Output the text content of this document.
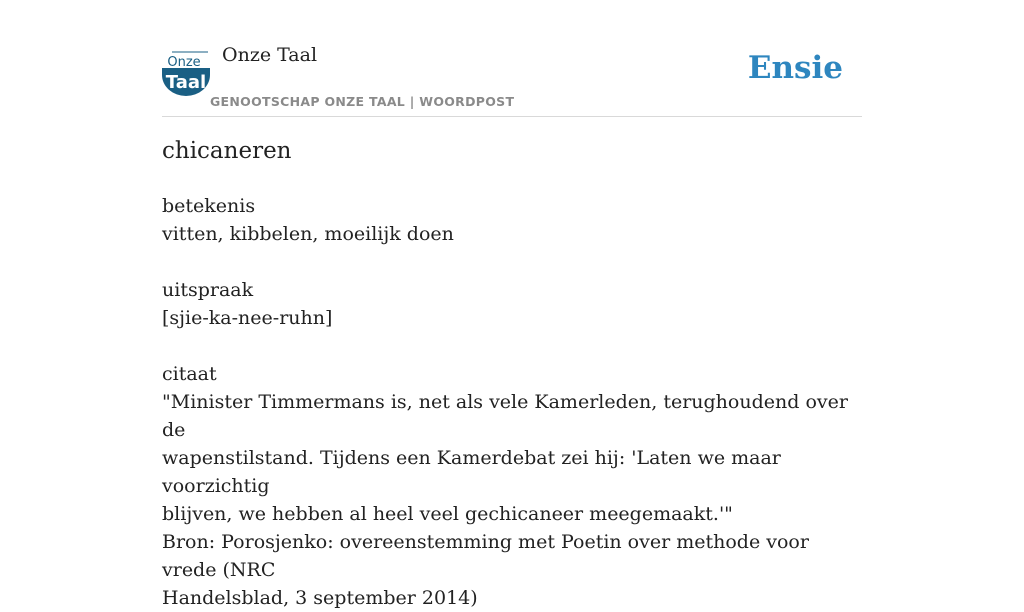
Onze
Taal
Onze Taal
GENOOTSCHAP ONZE TAAL | WOORDPOST
Ensie
chicaneren
betekenis
vitten, kibbelen, moeilijk doen
uitspraak
[sjie-ka-nee-ruhn]
citaat
"Minister Timmermans is, net als vele Kamerleden, terughoudend over de
wapenstilstand. Tijdens een Kamerdebat zei hij: 'Laten we maar voorzichtig
blijven, we hebben al heel veel gechicaneer meegemaakt.'"
Bron: Porosjenko: overeenstemming met Poetin over methode voor vrede (NRC
Handelsblad, 3 september 2014)
